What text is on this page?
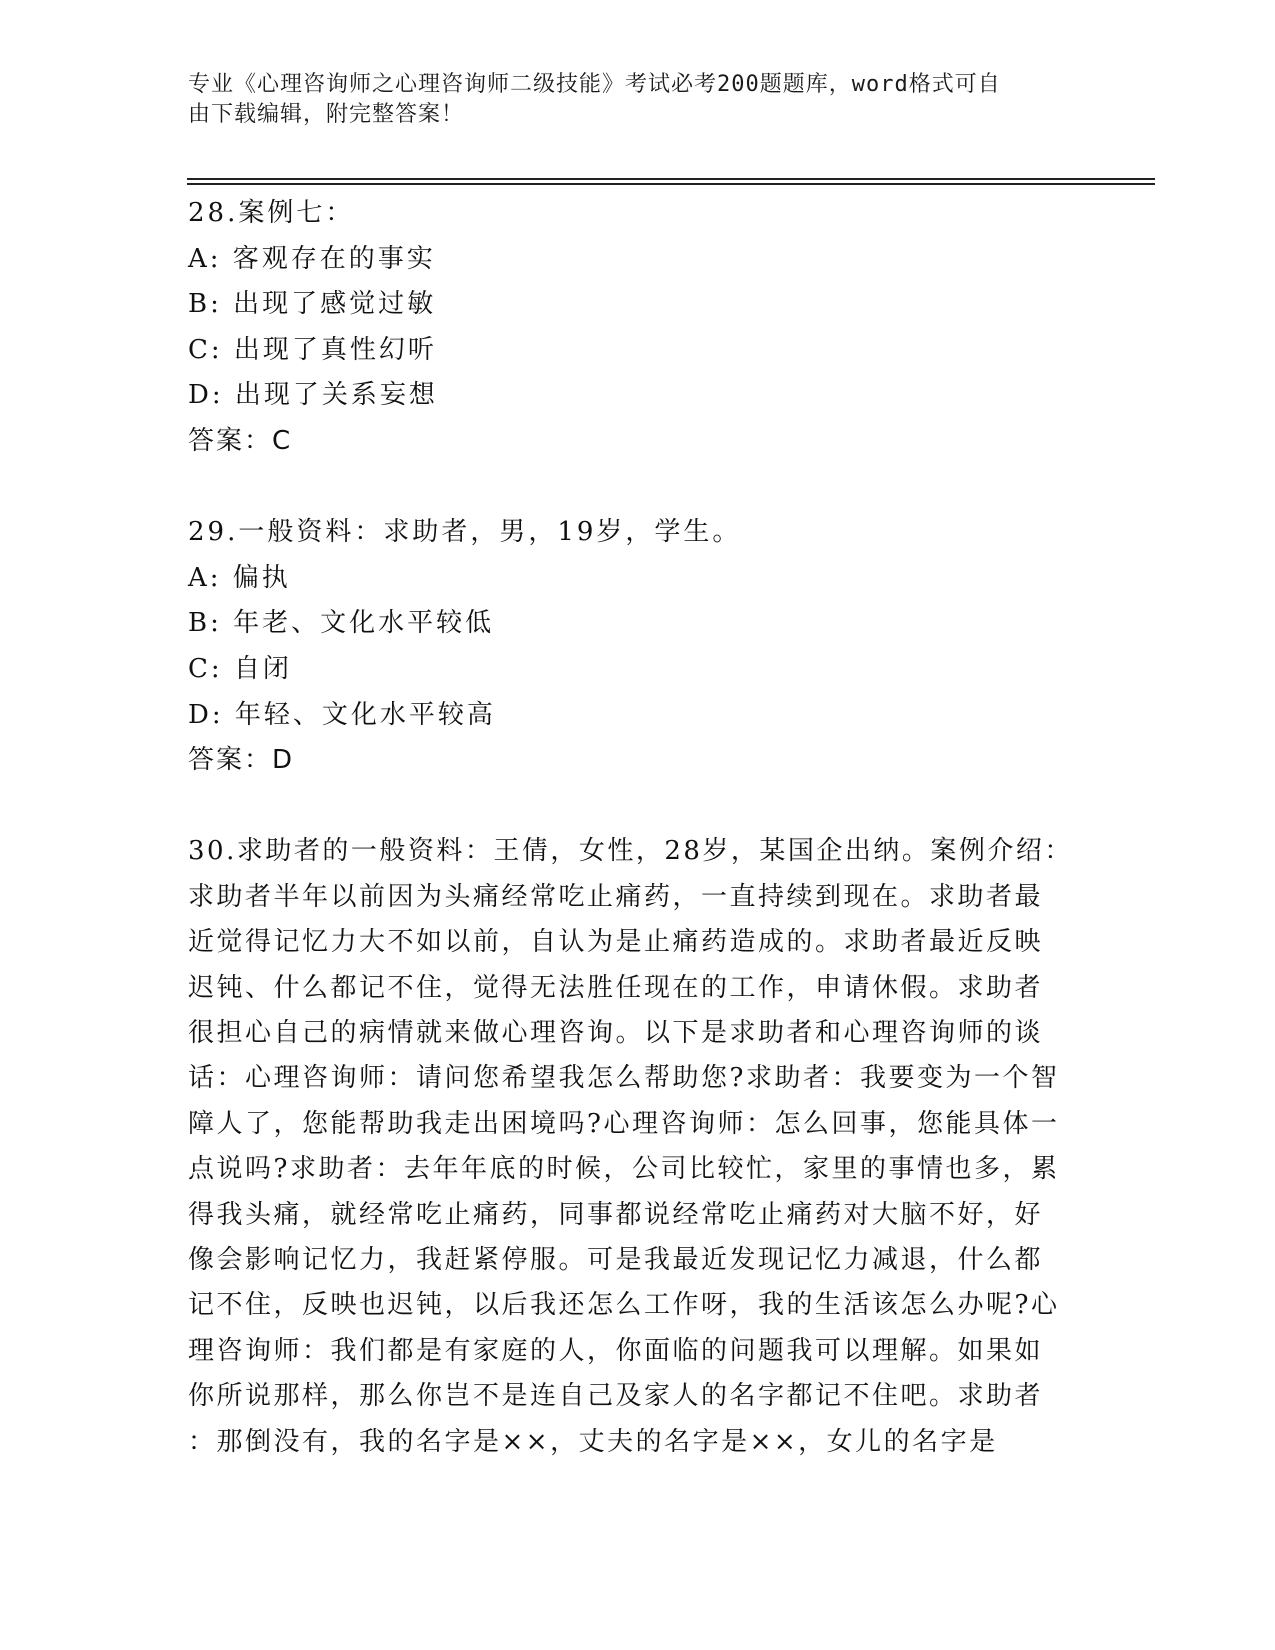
专业《心理咨询师之心理咨询师二级技能》考试必考200题题库，word格式可自
由下载编辑，附完整答案！
28.案例七：
A: 客观存在的事实
B: 出现了感觉过敏
C: 出现了真性幻听
D: 出现了关系妄想
答案：C
29.一般资料：求助者，男，19岁，学生。
A: 偏执
B: 年老、文化水平较低
C: 自闭
D: 年轻、文化水平较高
答案：D
30.求助者的一般资料：王倩，女性，28岁，某国企出纳。案例介绍：
求助者半年以前因为头痛经常吃止痛药，一直持续到现在。求助者最
近觉得记忆力大不如以前，自认为是止痛药造成的。求助者最近反映
迟钝、什么都记不住，觉得无法胜任现在的工作，申请休假。求助者
很担心自己的病情就来做心理咨询。以下是求助者和心理咨询师的谈
话：心理咨询师：请问您希望我怎么帮助您?求助者：我要变为一个智
障人了，您能帮助我走出困境吗?心理咨询师：怎么回事，您能具体一
点说吗?求助者：去年年底的时候，公司比较忙，家里的事情也多，累
得我头痛，就经常吃止痛药，同事都说经常吃止痛药对大脑不好，好
像会影响记忆力，我赶紧停服。可是我最近发现记忆力减退，什么都
记不住，反映也迟钝，以后我还怎么工作呀，我的生活该怎么办呢?心
理咨询师：我们都是有家庭的人，你面临的问题我可以理解。如果如
你所说那样，那么你岂不是连自己及家人的名字都记不住吧。求助者
：那倒没有，我的名字是××，丈夫的名字是××，女儿的名字是
